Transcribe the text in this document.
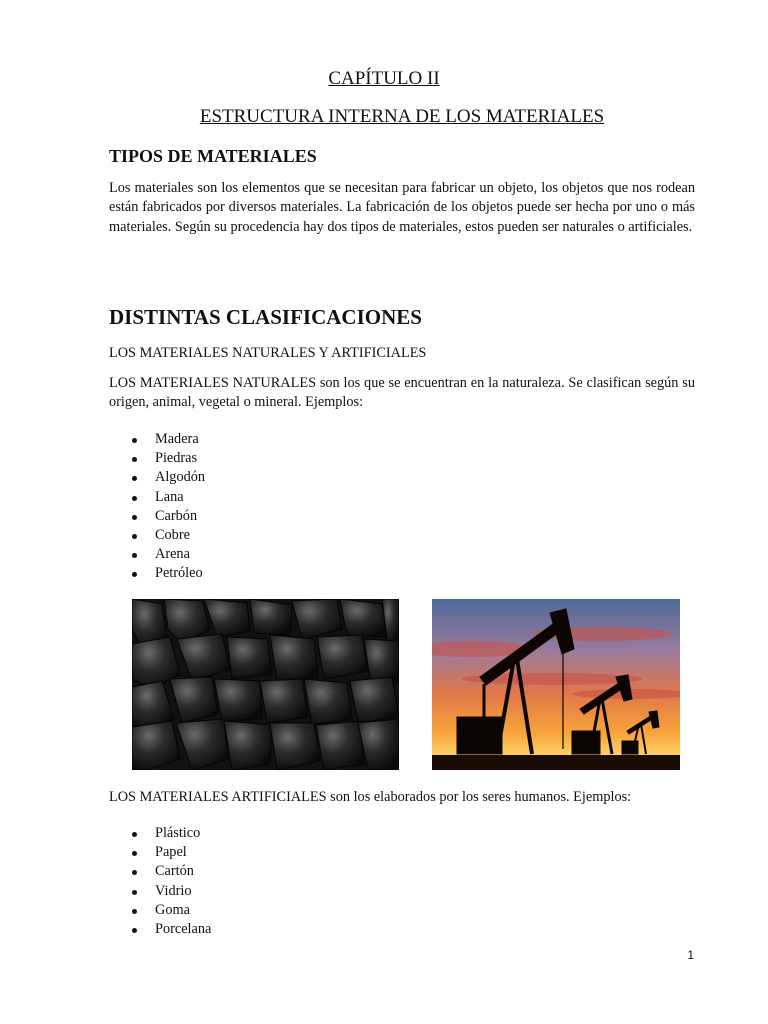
CAPÍTULO II
ESTRUCTURA INTERNA DE LOS MATERIALES
TIPOS DE MATERIALES

Los materiales son los elementos que se necesitan para fabricar un objeto, los objetos que nos rodean están fabricados por diversos materiales. La fabricación de los objetos puede ser hecha por uno o más materiales. Según su procedencia hay dos tipos de materiales, estos pueden ser naturales o artificiales.

DISTINTAS CLASIFICACIONES

LOS MATERIALES NATURALES Y ARTIFICIALES

LOS MATERIALES NATURALES son los que se encuentran en la naturaleza. Se clasifican según su origen, animal, vegetal o mineral. Ejemplos:

Madera
Piedras
Algodón
Lana
Carbón
Cobre
Arena
Petróleo

LOS MATERIALES ARTIFICIALES son los elaborados por los seres humanos. Ejemplos:

Plástico
Papel
Cartón
Vidrio
Goma
Porcelana
1
